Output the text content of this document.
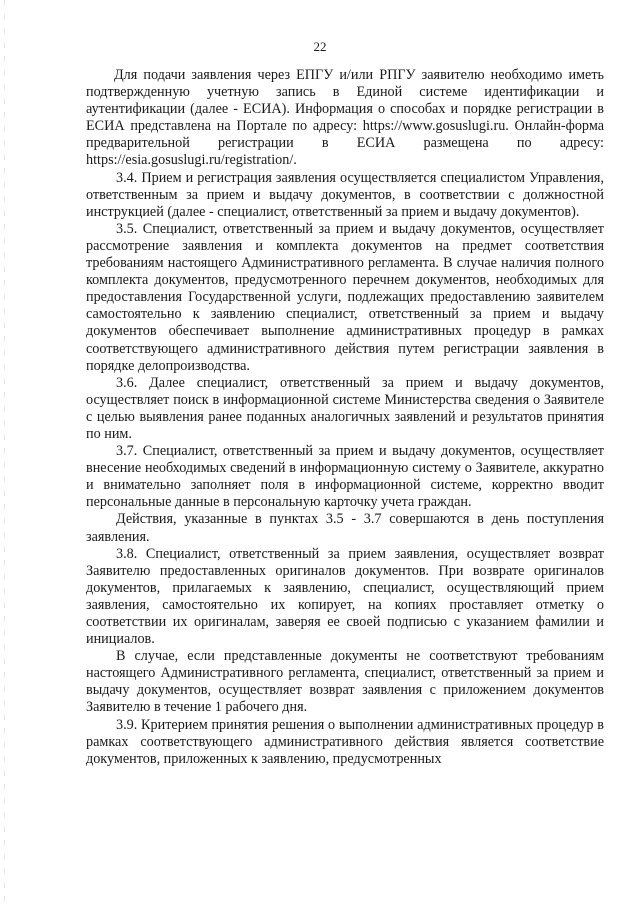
22

Для подачи заявления через ЕПГУ и/или РПГУ заявителю необходимо иметь подтвержденную учетную запись в Единой системе идентификации и аутентификации (далее - ЕСИА). Информация о способах и порядке регистрации в ЕСИА представлена на Портале по адресу: https://www.gosuslugi.ru. Онлайн-форма предварительной регистрации в ЕСИА размещена по адресу: https://esia.gosuslugi.ru/registration/.

3.4. Прием и регистрация заявления осуществляется специалистом Управления, ответственным за прием и выдачу документов, в соответствии с должностной инструкцией (далее - специалист, ответственный за прием и выдачу документов).

3.5. Специалист, ответственный за прием и выдачу документов, осуществляет рассмотрение заявления и комплекта документов на предмет соответствия требованиям настоящего Административного регламента. В случае наличия полного комплекта документов, предусмотренного перечнем документов, необходимых для предоставления Государственной услуги, подлежащих предоставлению заявителем самостоятельно к заявлению специалист, ответственный за прием и выдачу документов обеспечивает выполнение административных процедур в рамках соответствующего административного действия путем регистрации заявления в порядке делопроизводства.

3.6. Далее специалист, ответственный за прием и выдачу документов, осуществляет поиск в информационной системе Министерства сведения о Заявителе с целью выявления ранее поданных аналогичных заявлений и результатов принятия по ним.

3.7. Специалист, ответственный за прием и выдачу документов, осуществляет внесение необходимых сведений в информационную систему о Заявителе, аккуратно и внимательно заполняет поля в информационной системе, корректно вводит персональные данные в персональную карточку учета граждан.

Действия, указанные в пунктах 3.5 - 3.7 совершаются в день поступления заявления.

3.8. Специалист, ответственный за прием заявления, осуществляет возврат Заявителю предоставленных оригиналов документов. При возврате оригиналов документов, прилагаемых к заявлению, специалист, осуществляющий прием заявления, самостоятельно их копирует, на копиях проставляет отметку о соответствии их оригиналам, заверяя ее своей подписью с указанием фамилии и инициалов.

В случае, если представленные документы не соответствуют требованиям настоящего Административного регламента, специалист, ответственный за прием и выдачу документов, осуществляет возврат заявления с приложением документов Заявителю в течение 1 рабочего дня.

3.9. Критерием принятия решения о выполнении административных процедур в рамках соответствующего административного действия является соответствие документов, приложенных к заявлению, предусмотренных
